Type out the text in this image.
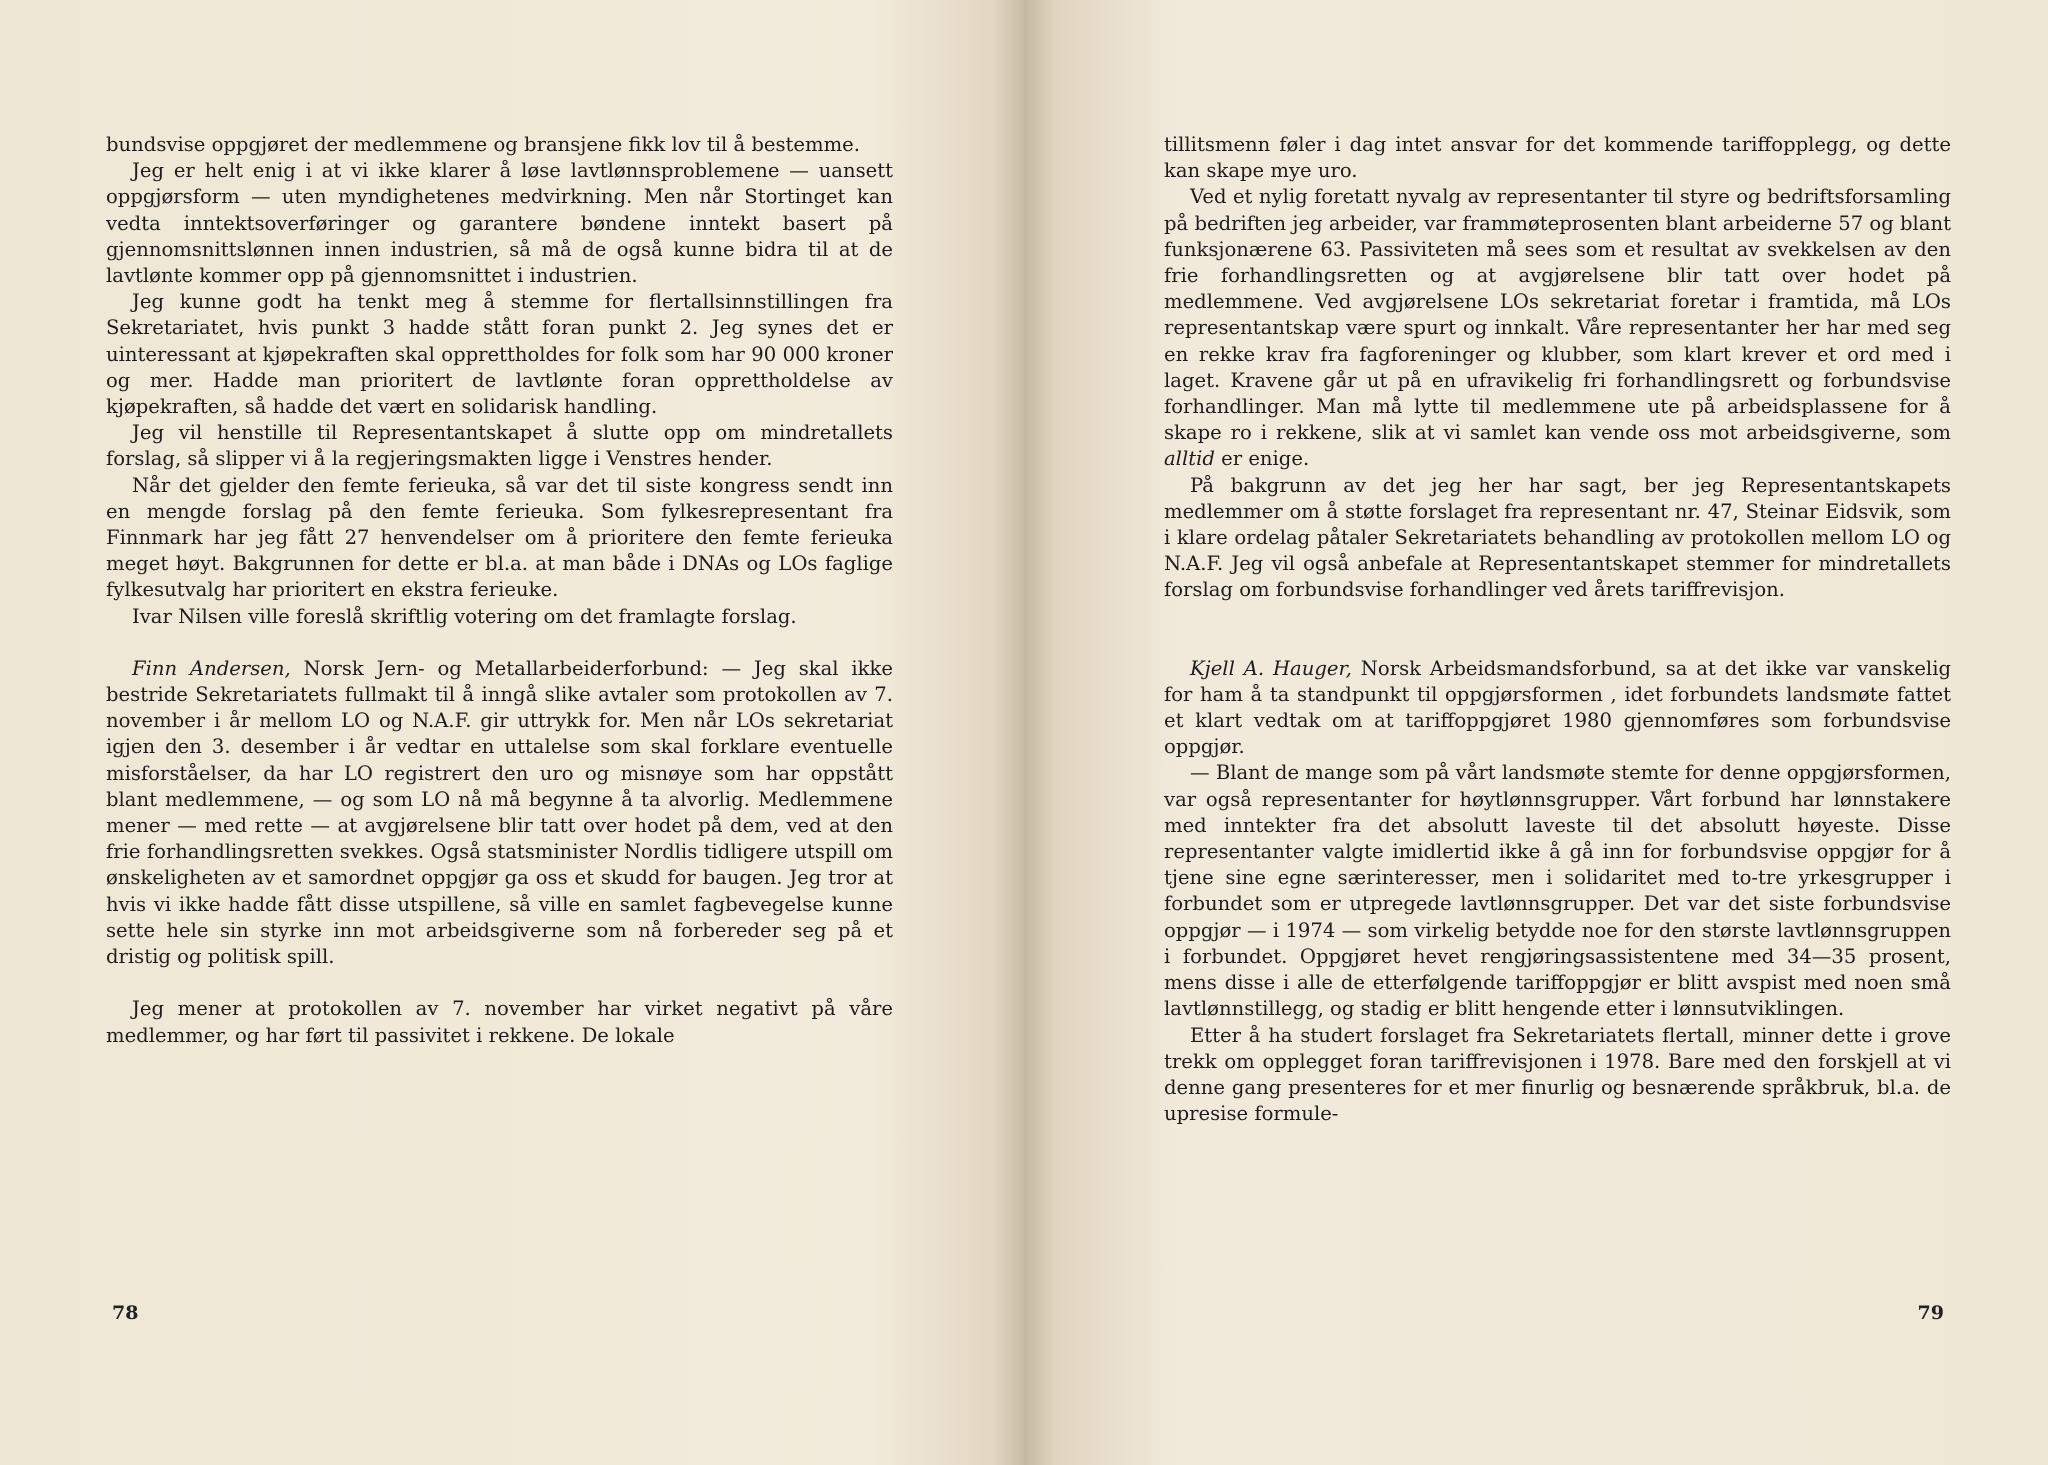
bundsvise oppgjøret der medlemmene og bransjene fikk lov til å bestemme.

Jeg er helt enig i at vi ikke klarer å løse lavtlønnsproblemene — uansett oppgjørsform — uten myndighetenes medvirkning. Men når Stortinget kan vedta inntektsoverføringer og garantere bøndene inntekt basert på gjennomsnittslønnen innen industrien, så må de også kunne bidra til at de lavtlønte kommer opp på gjennomsnittet i industrien.

Jeg kunne godt ha tenkt meg å stemme for flertallsinnstillingen fra Sekretariatet, hvis punkt 3 hadde stått foran punkt 2. Jeg synes det er uinteressant at kjøpekraften skal opprettholdes for folk som har 90 000 kroner og mer. Hadde man prioritert de lavtlønte foran opprettholdelse av kjøpekraften, så hadde det vært en solidarisk handling.

Jeg vil henstille til Representantskapet å slutte opp om mindretallets forslag, så slipper vi å la regjeringsmakten ligge i Venstres hender.

Når det gjelder den femte ferieuka, så var det til siste kongress sendt inn en mengde forslag på den femte ferieuka. Som fylkesrepresentant fra Finnmark har jeg fått 27 henvendelser om å prioritere den femte ferieuka meget høyt. Bakgrunnen for dette er bl.a. at man både i DNAs og LOs faglige fylkesutvalg har prioritert en ekstra ferieuke.

Ivar Nilsen ville foreslå skriftlig votering om det framlagte forslag.

Finn Andersen, Norsk Jern- og Metallarbeiderforbund: — Jeg skal ikke bestride Sekretariatets fullmakt til å inngå slike avtaler som protokollen av 7. november i år mellom LO og N.A.F. gir uttrykk for. Men når LOs sekretariat igjen den 3. desember i år vedtar en uttalelse som skal forklare eventuelle misforståelser, da har LO registrert den uro og misnøye som har oppstått blant medlemmene, — og som LO nå må begynne å ta alvorlig. Medlemmene mener — med rette — at avgjørelsene blir tatt over hodet på dem, ved at den frie forhandlingsretten svekkes. Også statsminister Nordlis tidligere utspill om ønskeligheten av et samordnet oppgjør ga oss et skudd for baugen. Jeg tror at hvis vi ikke hadde fått disse utspillene, så ville en samlet fagbevegelse kunne sette hele sin styrke inn mot arbeidsgiverne som nå forbereder seg på et dristig og politisk spill.

Jeg mener at protokollen av 7. november har virket negativt på våre medlemmer, og har ført til passivitet i rekkene. De lokale

78

tillitsmenn føler i dag intet ansvar for det kommende tariffopplegg, og dette kan skape mye uro.

Ved et nylig foretatt nyvalg av representanter til styre og bedriftsforsamling på bedriften jeg arbeider, var frammøteprosenten blant arbeiderne 57 og blant funksjonærene 63. Passiviteten må sees som et resultat av svekkelsen av den frie forhandlingsretten og at avgjørelsene blir tatt over hodet på medlemmene. Ved avgjørelsene LOs sekretariat foretar i framtida, må LOs representantskap være spurt og innkalt. Våre representanter her har med seg en rekke krav fra fagforeninger og klubber, som klart krever et ord med i laget. Kravene går ut på en ufravikelig fri forhandlingsrett og forbundsvise forhandlinger. Man må lytte til medlemmene ute på arbeidsplassene for å skape ro i rekkene, slik at vi samlet kan vende oss mot arbeidsgiverne, som alltid er enige.

På bakgrunn av det jeg her har sagt, ber jeg Representantskapets medlemmer om å støtte forslaget fra representant nr. 47, Steinar Eidsvik, som i klare ordelag påtaler Sekretariatets behandling av protokollen mellom LO og N.A.F. Jeg vil også anbefale at Representantskapet stemmer for mindretallets forslag om forbundsvise forhandlinger ved årets tariffrevisjon.

Kjell A. Hauger, Norsk Arbeidsmandsforbund, sa at det ikke var vanskelig for ham å ta standpunkt til oppgjørsformen , idet forbundets landsmøte fattet et klart vedtak om at tariffoppgjøret 1980 gjennomføres som forbundsvise oppgjør.

— Blant de mange som på vårt landsmøte stemte for denne oppgjørsformen, var også representanter for høytlønnsgrupper. Vårt forbund har lønnstakere med inntekter fra det absolutt laveste til det absolutt høyeste. Disse representanter valgte imidlertid ikke å gå inn for forbundsvise oppgjør for å tjene sine egne særinteresser, men i solidaritet med to-tre yrkesgrupper i forbundet som er utpregede lavtlønnsgrupper. Det var det siste forbundsvise oppgjør — i 1974 — som virkelig betydde noe for den største lavtlønnsgruppen i forbundet. Oppgjøret hevet rengjøringsassistentene med 34—35 prosent, mens disse i alle de etterfølgende tariffoppgjør er blitt avspist med noen små lavtlønnstillegg, og stadig er blitt hengende etter i lønnsutviklingen.

Etter å ha studert forslaget fra Sekretariatets flertall, minner dette i grove trekk om opplegget foran tariffrevisjonen i 1978. Bare med den forskjell at vi denne gang presenteres for et mer finurlig og besnærende språkbruk, bl.a. de upresise formule-

79
